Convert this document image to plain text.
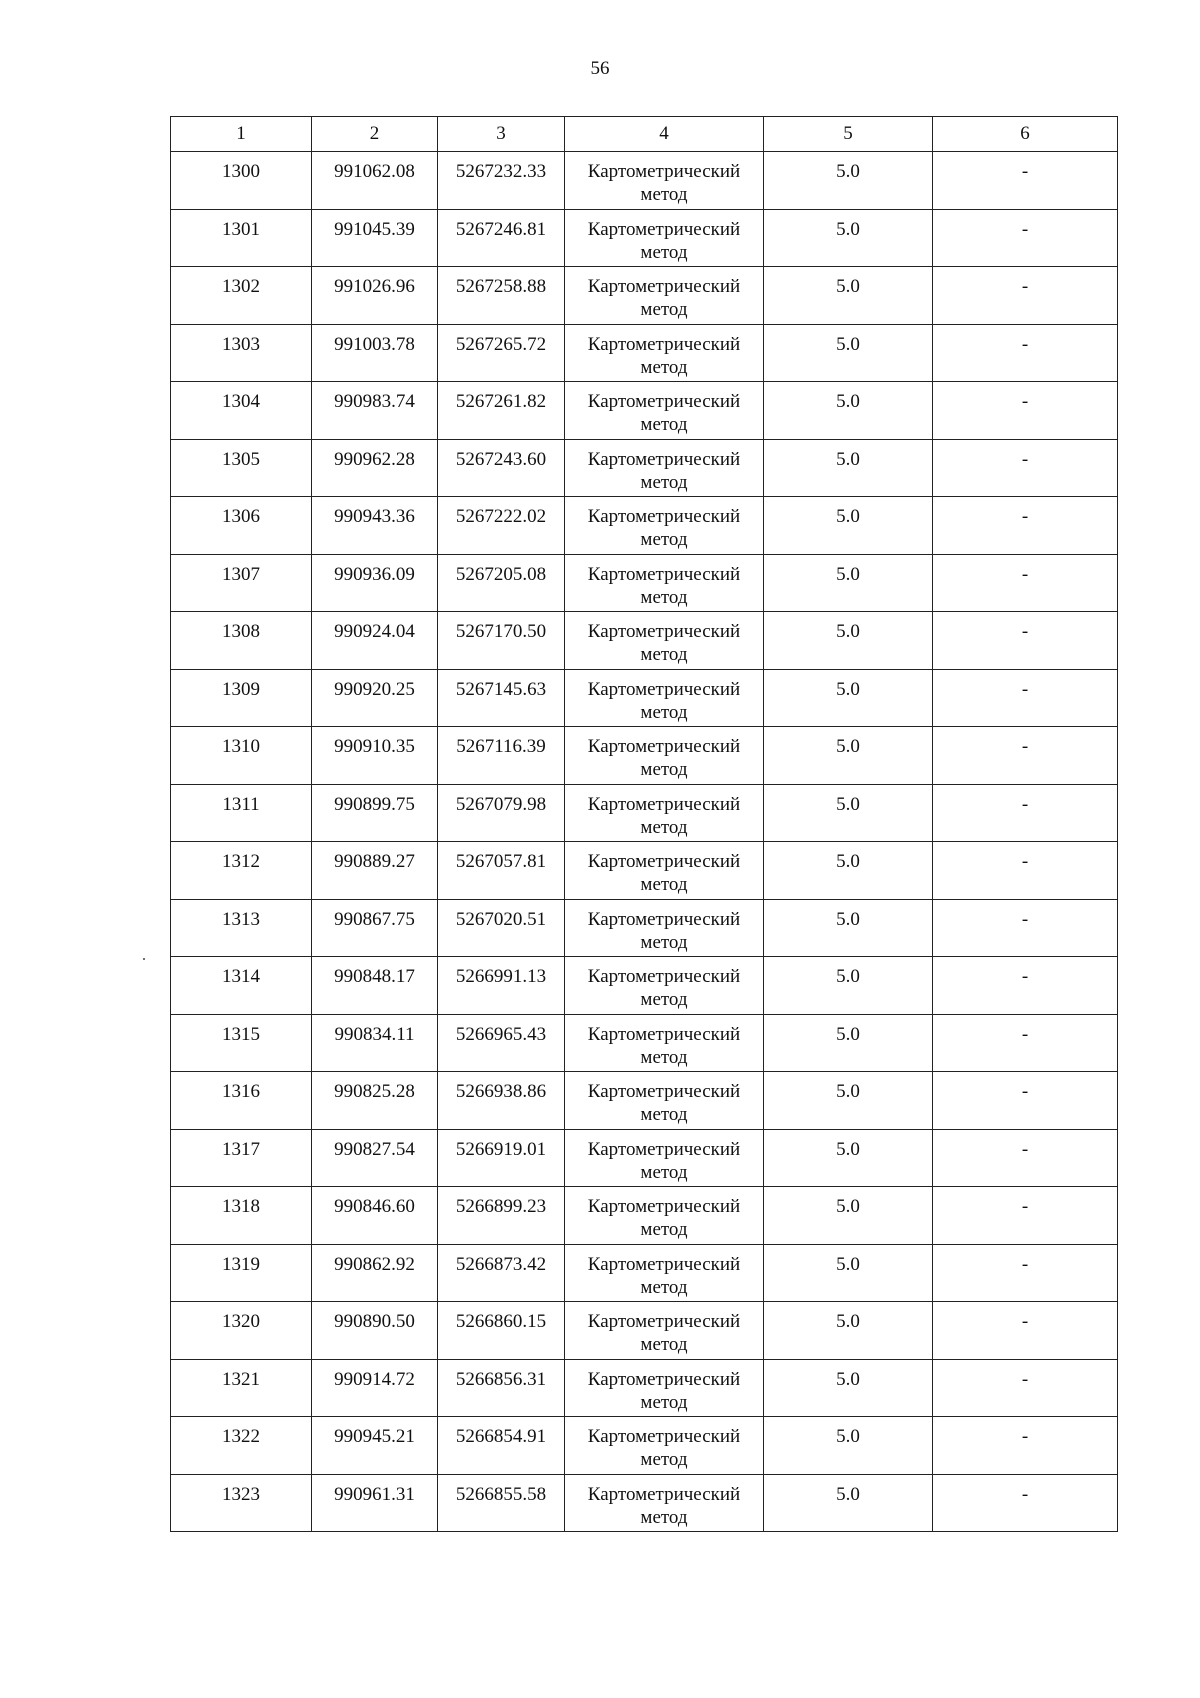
56
1	2	3	4	5	6
1300	991062.08	5267232.33	Картометрический метод	5.0	-
1301	991045.39	5267246.81	Картометрический метод	5.0	-
1302	991026.96	5267258.88	Картометрический метод	5.0	-
1303	991003.78	5267265.72	Картометрический метод	5.0	-
1304	990983.74	5267261.82	Картометрический метод	5.0	-
1305	990962.28	5267243.60	Картометрический метод	5.0	-
1306	990943.36	5267222.02	Картометрический метод	5.0	-
1307	990936.09	5267205.08	Картометрический метод	5.0	-
1308	990924.04	5267170.50	Картометрический метод	5.0	-
1309	990920.25	5267145.63	Картометрический метод	5.0	-
1310	990910.35	5267116.39	Картометрический метод	5.0	-
1311	990899.75	5267079.98	Картометрический метод	5.0	-
1312	990889.27	5267057.81	Картометрический метод	5.0	-
1313	990867.75	5267020.51	Картометрический метод	5.0	-
1314	990848.17	5266991.13	Картометрический метод	5.0	-
1315	990834.11	5266965.43	Картометрический метод	5.0	-
1316	990825.28	5266938.86	Картометрический метод	5.0	-
1317	990827.54	5266919.01	Картометрический метод	5.0	-
1318	990846.60	5266899.23	Картометрический метод	5.0	-
1319	990862.92	5266873.42	Картометрический метод	5.0	-
1320	990890.50	5266860.15	Картометрический метод	5.0	-
1321	990914.72	5266856.31	Картометрический метод	5.0	-
1322	990945.21	5266854.91	Картометрический метод	5.0	-
1323	990961.31	5266855.58	Картометрический метод	5.0	-
